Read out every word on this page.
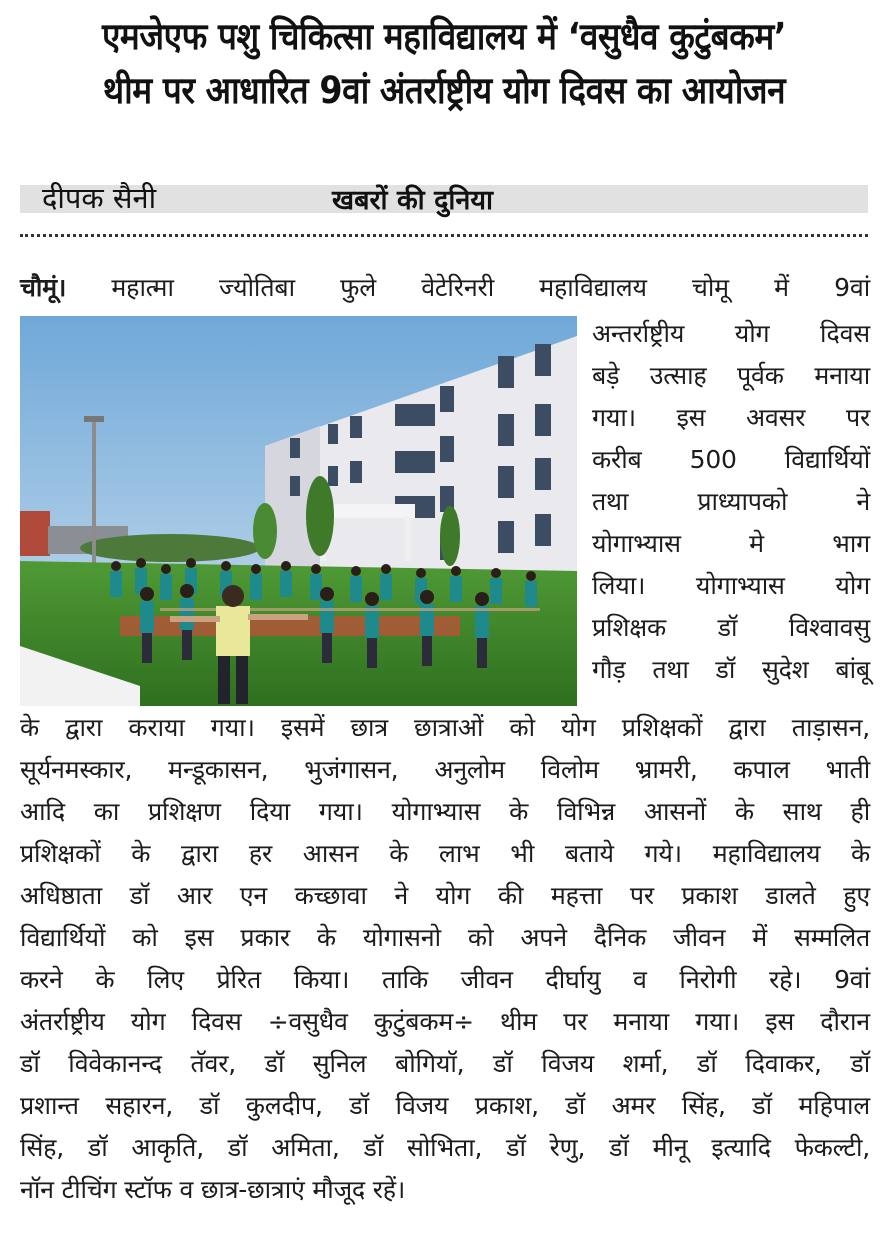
एमजेएफ पशु चिकित्सा महाविद्यालय में ‘वसुधैव कुटुंबकम’
थीम पर आधारित 9वां अंतर्राष्ट्रीय योग दिवस का आयोजन
दीपक सैनी	खबरों की दुनिया
चौमूं। महात्मा ज्योतिबा फुले वेटेरिनरी महाविद्यालय चोमू में 9वां
अन्तर्राष्ट्रीय योग दिवस
बड़े उत्साह पूर्वक मनाया
गया। इस अवसर पर
करीब 500 विद्यार्थियों
तथा प्राध्यापको ने
योगाभ्यास मे भाग
लिया। योगाभ्यास योग
प्रशिक्षक डॉ विश्वावसु
गौड़ तथा डॉ सुदेश बांबू
के द्वारा कराया गया। इसमें छात्र छात्राओं को योग प्रशिक्षकों द्वारा ताड़ासन,
सूर्यनमस्कार, मन्डूकासन, भुजंगासन, अनुलोम विलोम भ्रामरी, कपाल भाती
आदि का प्रशिक्षण दिया गया। योगाभ्यास के विभिन्न आसनों के साथ ही
प्रशिक्षकों के द्वारा हर आसन के लाभ भी बताये गये। महाविद्यालय के
अधिष्ठाता डॉ आर एन कच्छावा ने योग की महत्ता पर प्रकाश डालते हुए
विद्यार्थियों को इस प्रकार के योगासनो को अपने दैनिक जीवन में सम्मलित
करने के लिए प्रेरित किया। ताकि जीवन दीर्घायु व निरोगी रहे। 9वां
अंतर्राष्ट्रीय योग दिवस ÷वसुधैव कुटुंबकम÷ थीम पर मनाया गया। इस दौरान
डॉ विवेकानन्द तॅवर, डॉ सुनिल बोगियॉ, डॉ विजय शर्मा, डॉ दिवाकर, डॉ
प्रशान्त सहारन, डॉ कुलदीप, डॉ विजय प्रकाश, डॉ अमर सिंह, डॉ महिपाल
सिंह, डॉ आकृति, डॉ अमिता, डॉ सोभिता, डॉ रेणु, डॉ मीनू इत्यादि फेकल्टी,
नॉन टीचिंग स्टॉफ व छात्र-छात्राएं मौजूद रहें।
